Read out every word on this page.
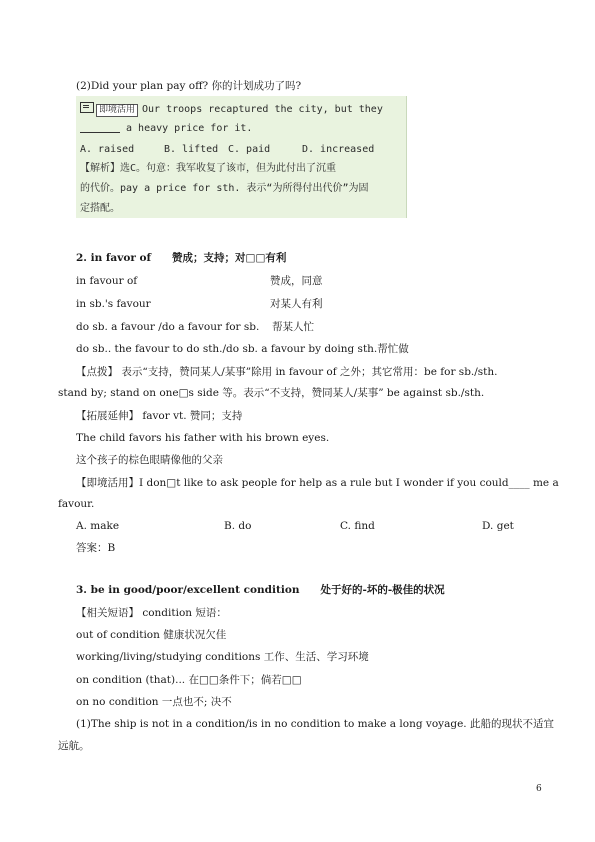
(2)Did your plan pay off? 你的计划成功了吗?
即境活用 Our troops recaptured the city, but they
a heavy price for it.
A. raised	B. lifted C. paid	D. increased
【解析】选C。句意：我军收复了该市，但为此付出了沉重
的代价。pay a price for sth. 表示“为所得付出代价”为固
定搭配。
2. in favor of　　赞成；支持；对□□有利
in favour of	赞成，同意
in sb.'s favour	对某人有利
do sb. a favour /do a favour for sb. 帮某人忙
do sb.. the favour to do sth./do sb. a favour by doing sth.帮忙做
【点拨】 表示“支持，赞同某人/某事”除用 in favour of 之外；其它常用：be for sb./sth.
stand by; stand on one□s side 等。表示“不支持，赞同某人/某事” be against sb./sth.
【拓展延伸】 favor vt. 赞同；支持
The child favors his father with his brown eyes.
这个孩子的棕色眼睛像他的父亲
【即境活用】I don□t like to ask people for help as a rule but I wonder if you could____ me a
favour.
A. make	B. do	C. find	D. get
答案：B
3. be in good/poor/excellent condition　　处于好的-坏的-极佳的状况
【相关短语】 condition 短语：
out of condition 健康状况欠佳
working/living/studying conditions 工作、生活、学习环境
on condition (that)... 在□□条件下；倘若□□
on no condition 一点也不; 决不
(1)The ship is not in a condition/is in no condition to make a long voyage. 此船的现状不适宜
远航。
6
